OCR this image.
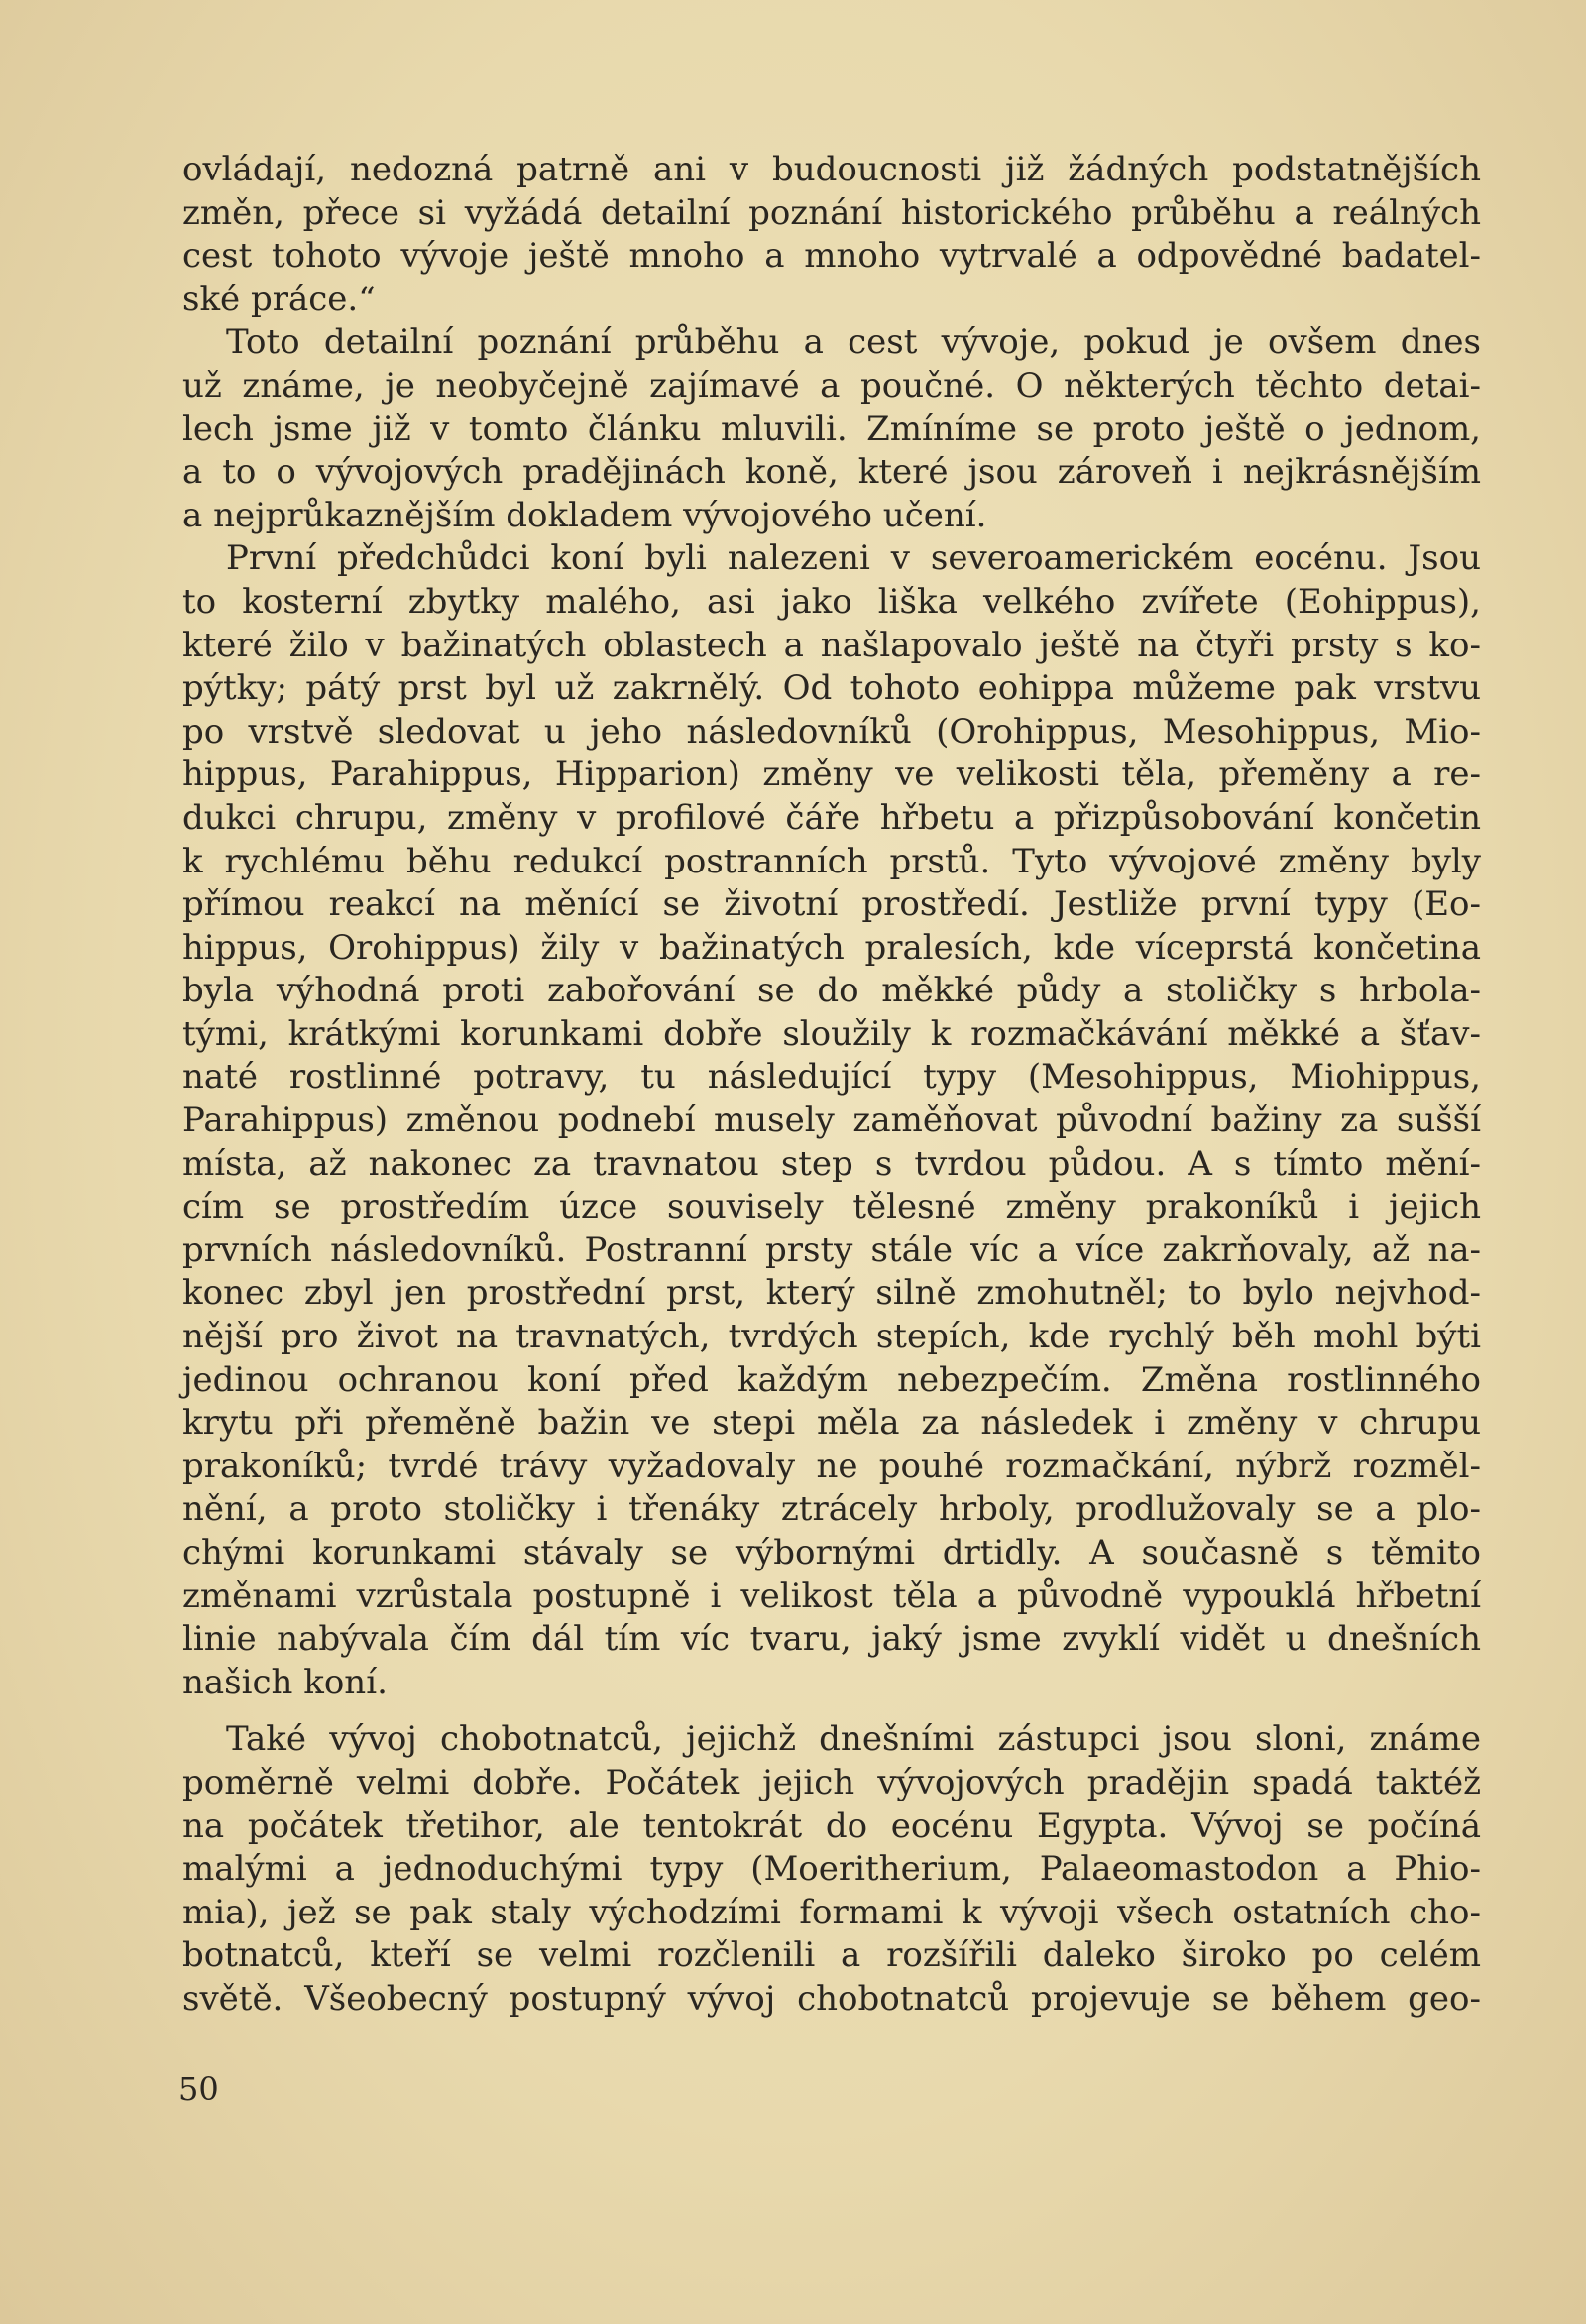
ovládají, nedozná patrně ani v budoucnosti již žádných podstatnějších
změn, přece si vyžádá detailní poznání historického průběhu a reálných
cest tohoto vývoje ještě mnoho a mnoho vytrvalé a odpovědné badatel-
ské práce.“
Toto detailní poznání průběhu a cest vývoje, pokud je ovšem dnes
už známe, je neobyčejně zajímavé a poučné. O některých těchto detai-
lech jsme již v tomto článku mluvili. Zmíníme se proto ještě o jednom,
a to o vývojových pradějinách koně, které jsou zároveň i nejkrásnějším
a nejprůkaznějším dokladem vývojového učení.
První předchůdci koní byli nalezeni v severoamerickém eocénu. Jsou
to kosterní zbytky malého, asi jako liška velkého zvířete (Eohippus),
které žilo v bažinatých oblastech a našlapovalo ještě na čtyři prsty s ko-
pýtky; pátý prst byl už zakrnělý. Od tohoto eohippa můžeme pak vrstvu
po vrstvě sledovat u jeho následovníků (Orohippus, Mesohippus, Mio-
hippus, Parahippus, Hipparion) změny ve velikosti těla, přeměny a re-
dukci chrupu, změny v profilové čáře hřbetu a přizpůsobování končetin
k rychlému běhu redukcí postranních prstů. Tyto vývojové změny byly
přímou reakcí na měnící se životní prostředí. Jestliže první typy (Eo-
hippus, Orohippus) žily v bažinatých pralesích, kde víceprstá končetina
byla výhodná proti zabořování se do měkké půdy a stoličky s hrbola-
tými, krátkými korunkami dobře sloužily k rozmačkávání měkké a šťav-
naté rostlinné potravy, tu následující typy (Mesohippus, Miohippus,
Parahippus) změnou podnebí musely zaměňovat původní bažiny za sušší
místa, až nakonec za travnatou step s tvrdou půdou. A s tímto mění-
cím se prostředím úzce souvisely tělesné změny prakoníků i jejich
prvních následovníků. Postranní prsty stále víc a více zakrňovaly, až na-
konec zbyl jen prostřední prst, který silně zmohutněl; to bylo nejvhod-
nější pro život na travnatých, tvrdých stepích, kde rychlý běh mohl býti
jedinou ochranou koní před každým nebezpečím. Změna rostlinného
krytu při přeměně bažin ve stepi měla za následek i změny v chrupu
prakoníků; tvrdé trávy vyžadovaly ne pouhé rozmačkání, nýbrž rozměl-
nění, a proto stoličky i třenáky ztrácely hrboly, prodlužovaly se a plo-
chými korunkami stávaly se výbornými drtidly. A současně s těmito
změnami vzrůstala postupně i velikost těla a původně vypouklá hřbetní
linie nabývala čím dál tím víc tvaru, jaký jsme zvyklí vidět u dnešních
našich koní.
Také vývoj chobotnatců, jejichž dnešními zástupci jsou sloni, známe
poměrně velmi dobře. Počátek jejich vývojových pradějin spadá taktéž
na počátek třetihor, ale tentokrát do eocénu Egypta. Vývoj se počíná
malými a jednoduchými typy (Moeritherium, Palaeomastodon a Phio-
mia), jež se pak staly východzími formami k vývoji všech ostatních cho-
botnatců, kteří se velmi rozčlenili a rozšířili daleko široko po celém
světě. Všeobecný postupný vývoj chobotnatců projevuje se během geo-
50
